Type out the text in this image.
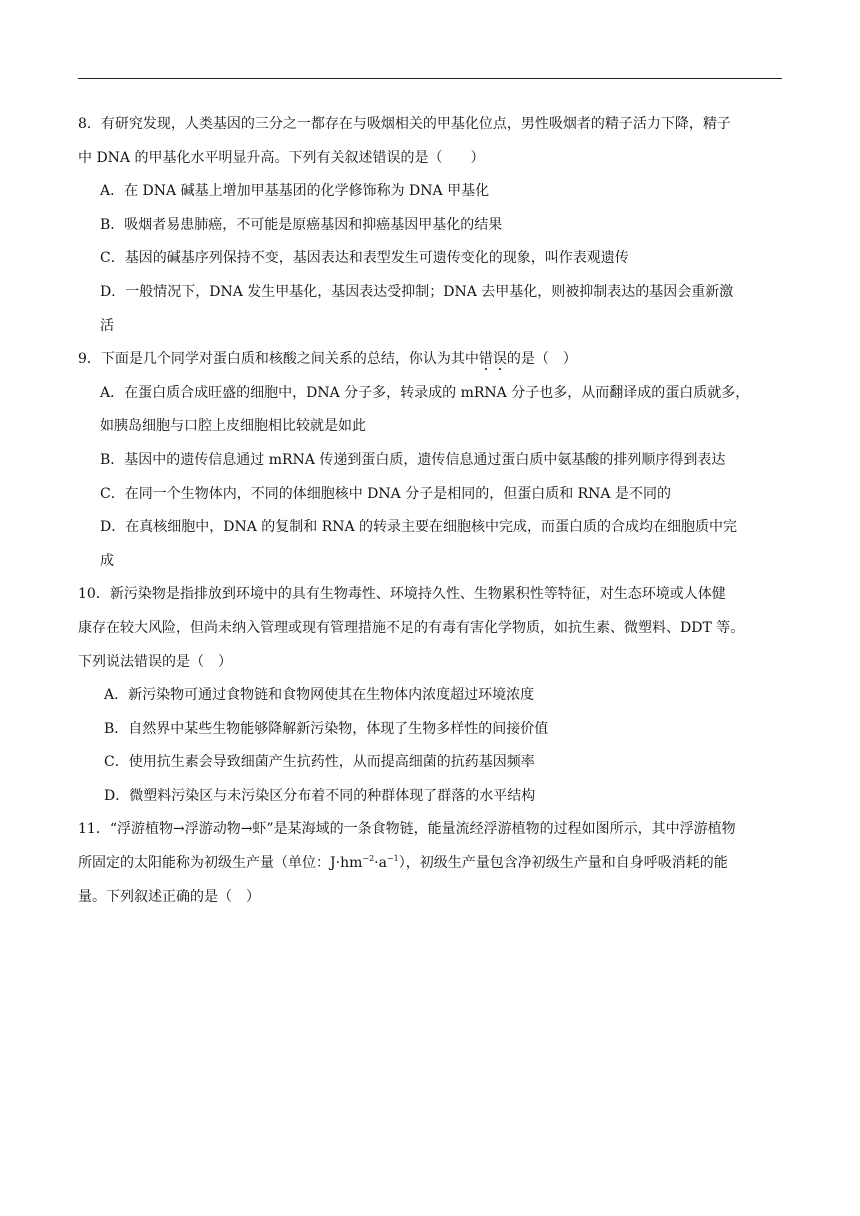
8．有研究发现，人类基因的三分之一都存在与吸烟相关的甲基化位点，男性吸烟者的精子活力下降，精子
中 DNA 的甲基化水平明显升高。下列有关叙述错误的是（　　）
A．在 DNA 碱基上增加甲基基团的化学修饰称为 DNA 甲基化
B．吸烟者易患肺癌，不可能是原癌基因和抑癌基因甲基化的结果
C．基因的碱基序列保持不变，基因表达和表型发生可遗传变化的现象，叫作表观遗传
D．一般情况下，DNA 发生甲基化，基因表达受抑制；DNA 去甲基化，则被抑制表达的基因会重新激
活
9．下面是几个同学对蛋白质和核酸之间关系的总结，你认为其中错误的是（　）
A．在蛋白质合成旺盛的细胞中，DNA 分子多，转录成的 mRNA 分子也多，从而翻译成的蛋白质就多，
如胰岛细胞与口腔上皮细胞相比较就是如此
B．基因中的遗传信息通过 mRNA 传递到蛋白质，遗传信息通过蛋白质中氨基酸的排列顺序得到表达
C．在同一个生物体内，不同的体细胞核中 DNA 分子是相同的，但蛋白质和 RNA 是不同的
D．在真核细胞中，DNA 的复制和 RNA 的转录主要在细胞核中完成，而蛋白质的合成均在细胞质中完
成
10．新污染物是指排放到环境中的具有生物毒性、环境持久性、生物累积性等特征，对生态环境或人体健
康存在较大风险，但尚未纳入管理或现有管理措施不足的有毒有害化学物质，如抗生素、微塑料、DDT 等。
下列说法错误的是（　）
A．新污染物可通过食物链和食物网使其在生物体内浓度超过环境浓度
B．自然界中某些生物能够降解新污染物，体现了生物多样性的间接价值
C．使用抗生素会导致细菌产生抗药性，从而提高细菌的抗药基因频率
D．微塑料污染区与未污染区分布着不同的种群体现了群落的水平结构
11．“浮游植物→浮游动物→虾”是某海域的一条食物链，能量流经浮游植物的过程如图所示，其中浮游植物
所固定的太阳能称为初级生产量（单位：$J\cdot hm^{-2}\cdot a^{-1}$），初级生产量包含净初级生产量和自身呼吸消耗的能
量。下列叙述正确的是（　）
